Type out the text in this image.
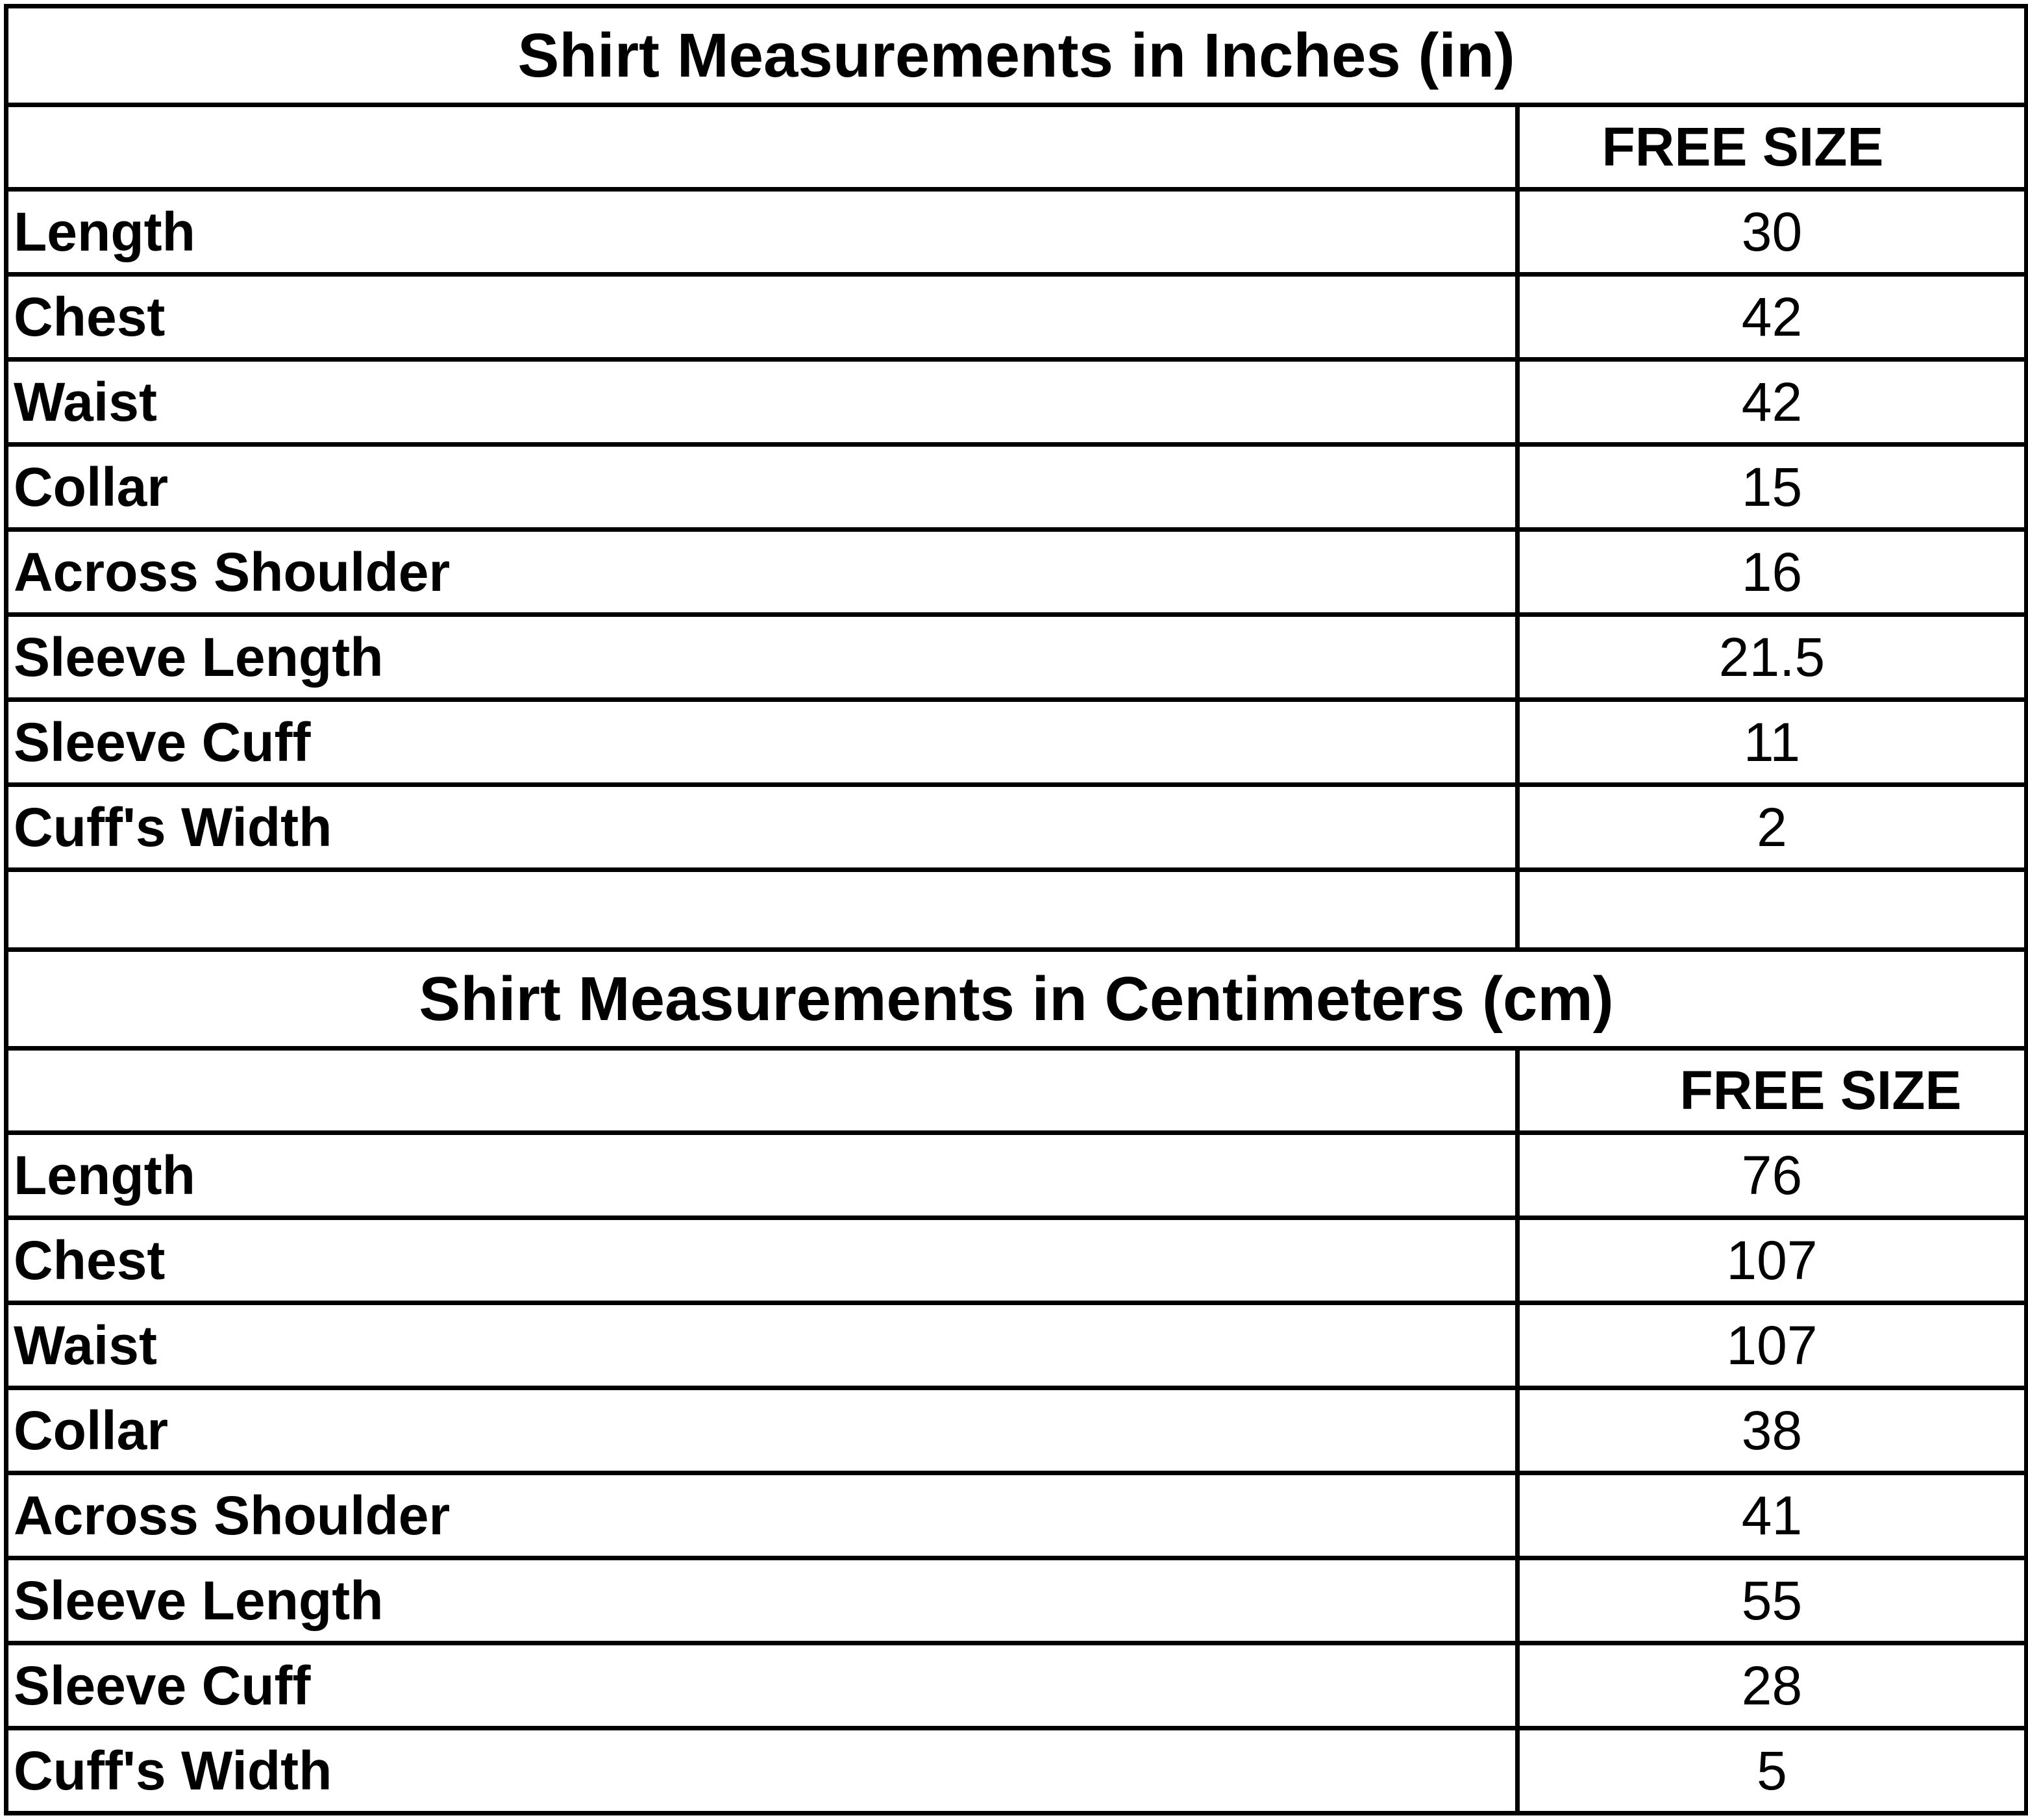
Shirt Measurements in Inches (in)	
	FREE SIZE
Length	30
Chest	42
Waist	42
Collar	15
Across Shoulder	16
Sleeve Length	21.5
Sleeve Cuff	11
Cuff's Width	2

Shirt Measurements in Centimeters (cm)	
	FREE SIZE
Length	76
Chest	107
Waist	107
Collar	38
Across Shoulder	41
Sleeve Length	55
Sleeve Cuff	28
Cuff's Width	5
